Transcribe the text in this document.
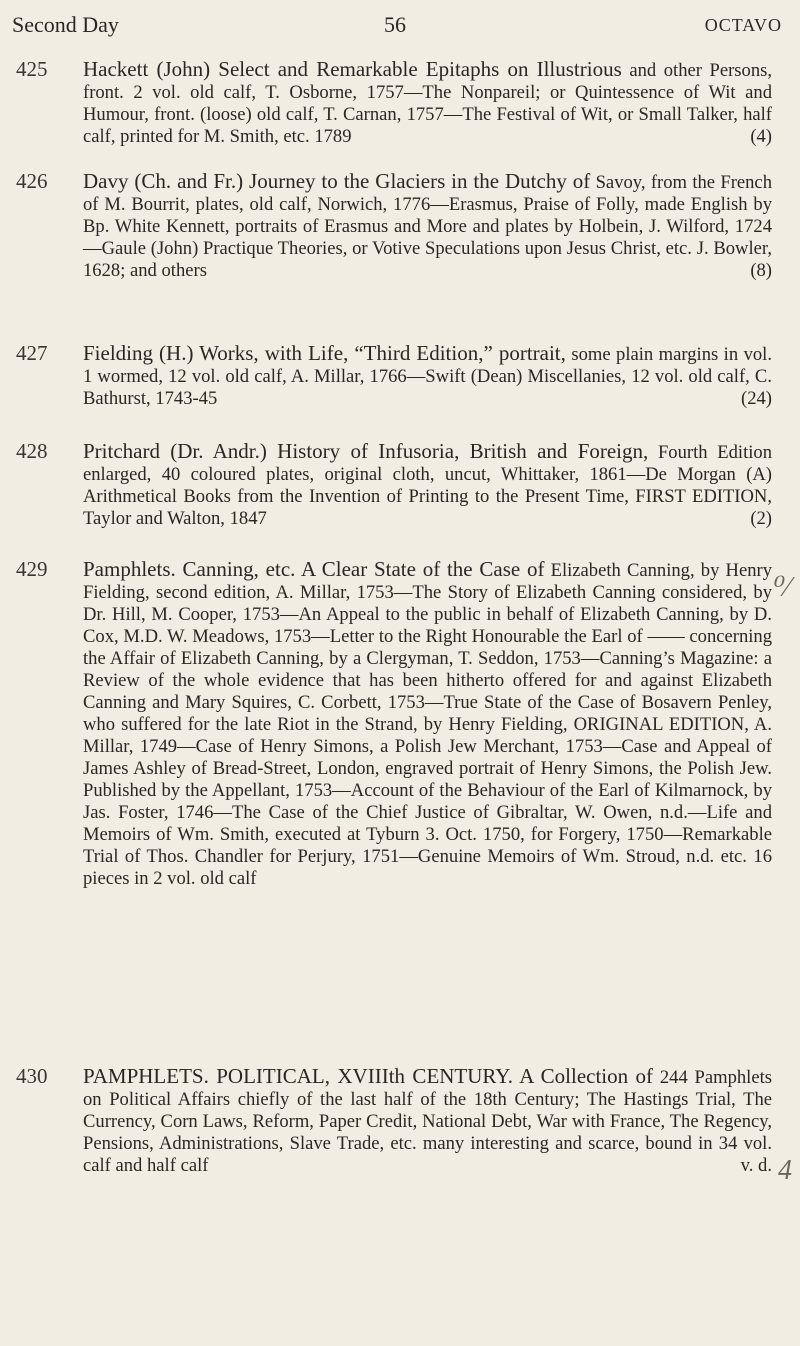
Second Day	56	OCTAVO
425 Hackett (John) Select and Remarkable Epitaphs on Illustrious and other Persons, front. 2 vol. old calf, T. Osborne, 1757—The Nonpareil; or Quintessence of Wit and Humour, front. (loose) old calf, T. Carnan, 1757—The Festival of Wit, or Small Talker, half calf, printed for M. Smith, etc. 1789	(4)
426 Davy (Ch. and Fr.) Journey to the Glaciers in the Dutchy of Savoy, from the French of M. Bourrit, plates, old calf, Norwich, 1776—Erasmus, Praise of Folly, made English by Bp. White Kennett, portraits of Erasmus and More and plates by Holbein, J. Wilford, 1724—Gaule (John) Practique Theories, or Votive Speculations upon Jesus Christ, etc. J. Bowler, 1628; and others	(8)
427 Fielding (H.) Works, with Life, “Third Edition,” portrait, some plain margins in vol. 1 wormed, 12 vol. old calf, A. Millar, 1766—Swift (Dean) Miscellanies, 12 vol. old calf, C. Bathurst, 1743-45	(24)
428 Pritchard (Dr. Andr.) History of Infusoria, British and Foreign, Fourth Edition enlarged, 40 coloured plates, original cloth, uncut, Whittaker, 1861—De Morgan (A) Arithmetical Books from the Invention of Printing to the Present Time, FIRST EDITION, Taylor and Walton, 1847	(2)
429 Pamphlets. Canning, etc. A Clear State of the Case of Elizabeth Canning, by Henry Fielding, second edition, A. Millar, 1753—The Story of Elizabeth Canning considered, by Dr. Hill, M. Cooper, 1753—An Appeal to the public in behalf of Elizabeth Canning, by D. Cox, M.D. W. Meadows, 1753—Letter to the Right Honourable the Earl of —— concerning the Affair of Elizabeth Canning, by a Clergyman, T. Seddon, 1753—Canning’s Magazine: a Review of the whole evidence that has been hitherto offered for and against Elizabeth Canning and Mary Squires, C. Corbett, 1753—True State of the Case of Bosavern Penley, who suffered for the late Riot in the Strand, by Henry Fielding, ORIGINAL EDITION, A. Millar, 1749—Case of Henry Simons, a Polish Jew Merchant, 1753—Case and Appeal of James Ashley of Bread-Street, London, engraved portrait of Henry Simons, the Polish Jew. Published by the Appellant, 1753—Account of the Behaviour of the Earl of Kilmarnock, by Jas. Foster, 1746—The Case of the Chief Justice of Gibraltar, W. Owen, n.d.—Life and Memoirs of Wm. Smith, executed at Tyburn 3. Oct. 1750, for Forgery, 1750—Remarkable Trial of Thos. Chandler for Perjury, 1751—Genuine Memoirs of Wm. Stroud, n.d. etc. 16 pieces in 2 vol. old calf
430 PAMPHLETS. POLITICAL, XVIIIth CENTURY. A Collection of 244 Pamphlets on Political Affairs chiefly of the last half of the 18th Century; The Hastings Trial, The Currency, Corn Laws, Reform, Paper Credit, National Debt, War with France, The Regency, Pensions, Administrations, Slave Trade, etc. many interesting and scarce, bound in 34 vol. calf and half calf	v. d.
⁰⁄
4
